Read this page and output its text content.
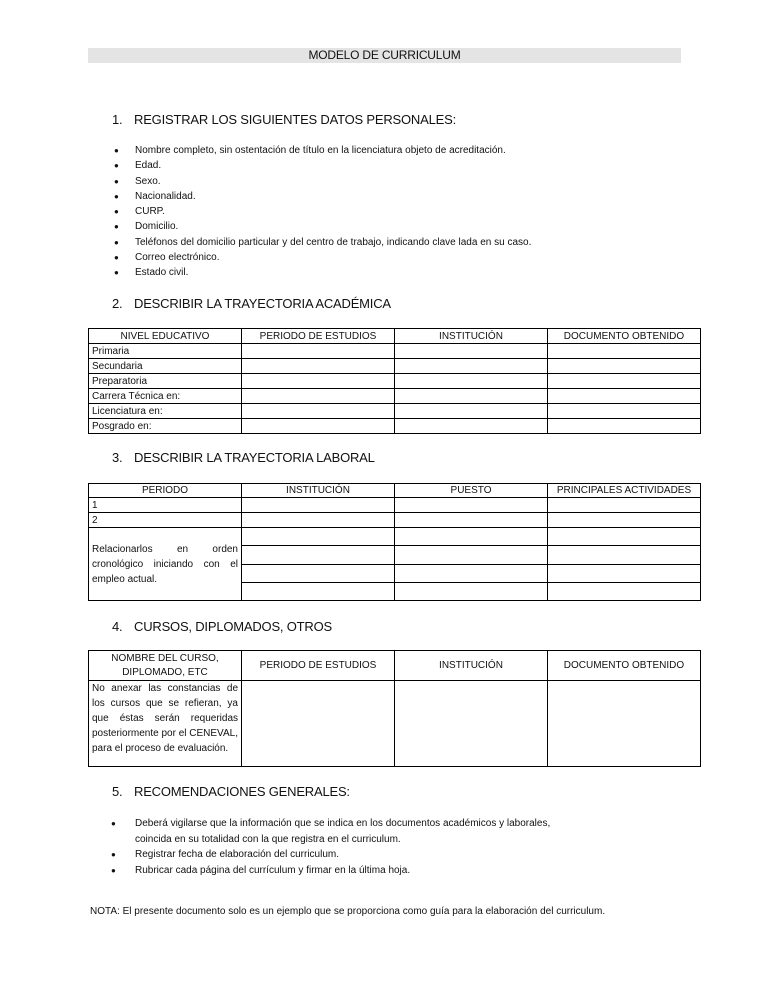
MODELO DE CURRICULUM
1. REGISTRAR LOS SIGUIENTES DATOS PERSONALES:
● Nombre completo, sin ostentación de título en la licenciatura objeto de acreditación.
● Edad.
● Sexo.
● Nacionalidad.
● CURP.
● Domicilio.
● Teléfonos del domicilio particular y del centro de trabajo, indicando clave lada en su caso.
● Correo electrónico.
● Estado civil.
2. DESCRIBIR LA TRAYECTORIA ACADÉMICA
NIVEL EDUCATIVO	PERIODO DE ESTUDIOS	INSTITUCIÓN	DOCUMENTO OBTENIDO
Primaria			
Secundaria			
Preparatoria			
Carrera Técnica en:			
Licenciatura en:			
Posgrado en:			
3. DESCRIBIR LA TRAYECTORIA LABORAL
PERIODO	INSTITUCIÓN	PUESTO	PRINCIPALES ACTIVIDADES
1			
2			
Relacionarlos en orden cronológico iniciando con el empleo actual.			

4. CURSOS, DIPLOMADOS, OTROS
NOMBRE DEL CURSO, DIPLOMADO, ETC	PERIODO DE ESTUDIOS	INSTITUCIÓN	DOCUMENTO OBTENIDO
No anexar las constancias de los cursos que se refieran, ya que éstas serán requeridas posteriormente por el CENEVAL, para el proceso de evaluación.			
5. RECOMENDACIONES GENERALES:
● Deberá vigilarse que la información que se indica en los documentos académicos y laborales, coincida en su totalidad con la que registra en el curriculum.
● Registrar fecha de elaboración del curriculum.
● Rubricar cada página del currículum y firmar en la última hoja.
NOTA: El presente documento solo es un ejemplo que se proporciona como guía para la elaboración del curriculum.
